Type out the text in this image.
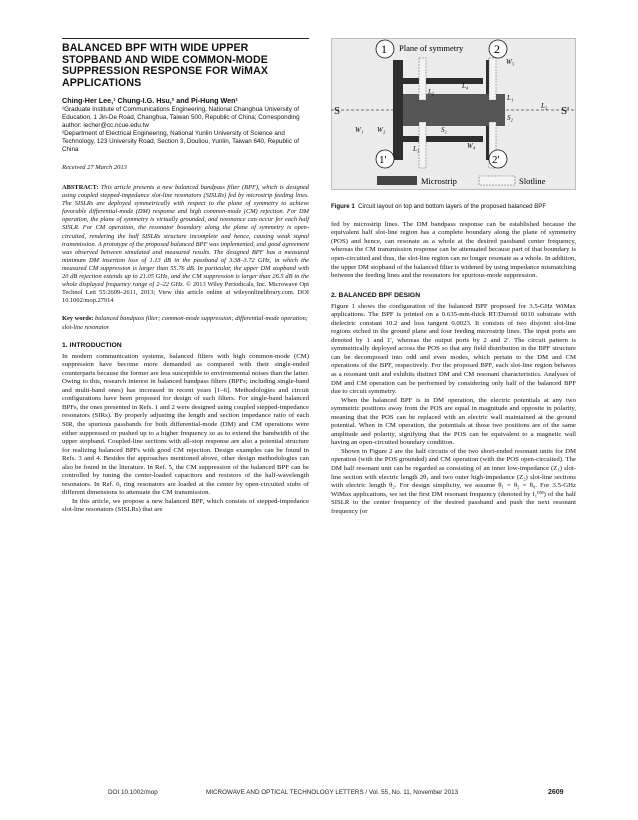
BALANCED BPF WITH WIDE UPPER STOPBAND AND WIDE COMMON-MODE SUPPRESSION RESPONSE FOR WiMAX APPLICATIONS

Ching-Her Lee,¹ Chung-I.G. Hsu,² and Pi-Hung Wen¹

¹Graduate Institute of Communications Engineering, National Changhua University of Education, 1 Jin-De Road, Changhua, Taiwan 500, Republic of China; Corresponding author: iecher@cc.ncue.edu.tw

²Department of Electrical Engineering, National Yunlin University of Science and Technology, 123 University Road, Section 3, Douliou, Yunlin, Taiwan 640, Republic of China

Received 27 March 2013

ABSTRACT: This article presents a new balanced bandpass filter (BPF), which is designed using coupled stepped-impedance slot-line resonators (SISLRs) fed by microstrip feeding lines. The SISLRs are deployed symmetrically with respect to the plane of symmetry to achieve favorable differential-mode (DM) response and high common-mode (CM) rejection. For DM operation, the plane of symmetry is virtually grounded, and resonance can occur for each half SISLR. For CM operation, the resonator boundary along the plane of symmetry is open-circuited, rendering the half SISLRs structure incomplete and hence, causing weak signal transmission. A prototype of the proposed balanced BPF was implemented, and good agreement was observed between simulated and measured results. The designed BPF has a measured minimum DM insertion loss of 1.13 dB in the passband of 3.38–3.72 GHz, in which the measured CM suppression is larger than 55.76 dB. In particular, the upper DM stopband with 20 dB rejection extends up to 21.05 GHz, and the CM suppression is larger than 26.5 dB in the whole displayed frequency range of 2–22 GHz. © 2013 Wiley Periodicals, Inc. Microwave Opt Technol Lett 55:2609–2611, 2013; View this article online at wileyonlinelibrary.com. DOI 10.1002/mop.27914

Key words: balanced bandpass filter; common-mode suppression; differential-mode operation; slot-line resonator

1. INTRODUCTION

In modern communication systems, balanced filters with high common-mode (CM) suppression have become more demanded as compared with their single-ended counterparts because the former are less susceptible to environmental noises than the latter. Owing to this, research interest in balanced bandpass filters (BPFs; including single-band and multi-band ones) has increased in recent years [1–6]. Methodologies and circuit configurations have been proposed for design of such filters. For single-band balanced BPFs, the ones presented in Refs. 1 and 2 were designed using coupled stepped-impedance resonators (SIRs). By properly adjusting the length and section impedance ratio of each SIR, the spurious passbands for both differential-mode (DM) and CM operations were either suppressed or pushed up to a higher frequency so as to extend the bandwidth of the upper stopband. Coupled-line sections with all-stop response are also a potential structure for realizing balanced BPFs with good CM rejection. Design examples can be found in Refs. 3 and 4. Besides the approaches mentioned above, other design methodologies can also be found in the literature. In Ref. 5, the CM suppression of the balanced BPF can be controlled by tuning the center-loaded capacitors and resistors of the half-wavelength resonators. In Ref. 6, ring resonators are loaded at the center by open-circuited stubs of different dimensions to attenuate the CM transmission.

In this article, we propose a new balanced BPF, which consists of stepped-impedance slot-line resonators (SISLRs) that are

1	2
1'	2'
Plane of symmetry
S	S'
W₅
L₄
L₅
L₁
L₂
S₂
S₁
W₁ W₂
L₃	W₄
Microstrip	Slotline

Figure 1 Circuit layout on top and bottom layers of the proposed balanced BPF

fed by microstrip lines. The DM bandpass response can be established because the equivalent half slot-line region has a complete boundary along the plane of symmetry (POS) and hence, can resonate as a whole at the desired passband center frequency, whereas the CM transmission response can be attenuated because part of that boundary is open-circuited and thus, the slot-line region can no longer resonate as a whole. In addition, the upper DM stopband of the balanced filter is widened by using impedance mismatching between the feeding lines and the resonators for spurious-mode suppression.

2. BALANCED BPF DESIGN

Figure 1 shows the configuration of the balanced BPF proposed for 3.5-GHz WiMax applications. The BPF is printed on a 0.635-mm-thick RT/Duroid 6010 substrate with dielectric constant 10.2 and loss tangent 0.0023. It consists of two disjoint slot-line regions etched in the ground plane and four feeding microstrip lines. The input ports are denoted by 1 and 1′, whereas the output ports by 2 and 2′. The circuit pattern is symmetrically deployed across the POS so that any field distribution in the BPF structure can be decomposed into odd and even modes, which pertain to the DM and CM operations of the BPF, respectively. For the proposed BPF, each slot-line region behaves as a resonant unit and exhibits distinct DM and CM resonant characteristics. Analyses of DM and CM operation can be performed by considering only half of the balanced BPF due to circuit symmetry.

When the balanced BPF is in DM operation, the electric potentials at any two symmetric positions away from the POS are equal in magnitude and opposite in polarity, meaning that the POS can be replaced with an electric wall maintained at the ground potential. When in CM operation, the potentials at those two positions are of the same amplitude and polarity, signifying that the POS can be equivalent to a magnetic wall having an open-circuited boundary condition.

Shown in Figure 2 are the half circuits of the two short-ended resonant units for DM operation (with the POS grounded) and CM operation (with the POS open-circuited). The DM half resonant unit can be regarded as consisting of an inner low-impedance (Z₁) slot-line section with electric length 2θ₁ and two outer high-impedance (Z₂) slot-line sections with electric length θ₂. For design simplicity, we assume θ₁ = θ₂ = θ₀. For 3.5-GHz WiMax applications, we set the first DM resonant frequency (denoted by f₁ᴰᴹ) of the half SISLR to the center frequency of the desired passband and push the next resonant frequency (or

DOI 10.1002/mop	MICROWAVE AND OPTICAL TECHNOLOGY LETTERS / Vol. 55, No. 11, November 2013	2609
